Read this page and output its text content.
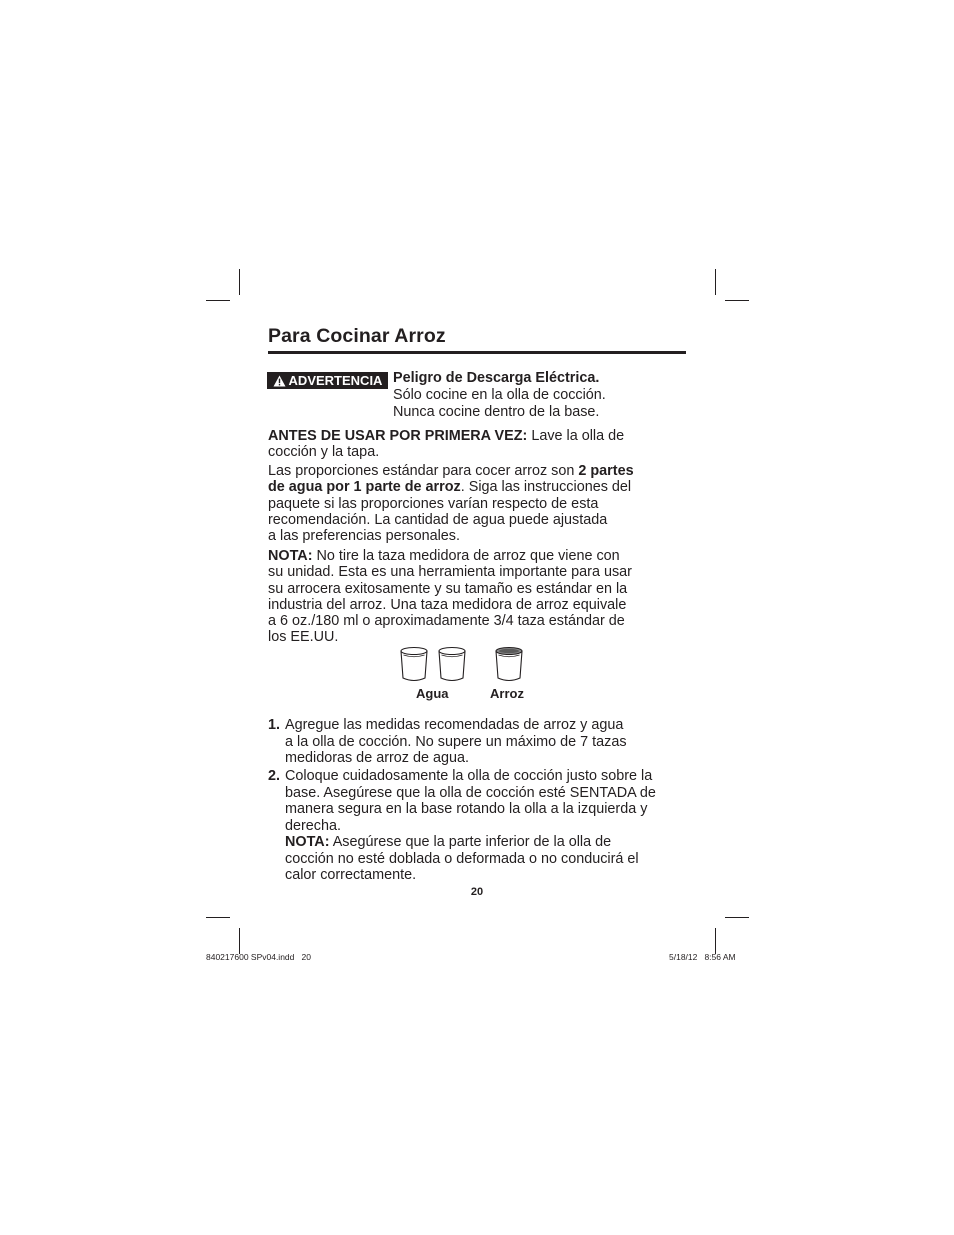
Para Cocinar Arroz
ADVERTENCIA Peligro de Descarga Eléctrica.
Sólo cocine en la olla de cocción.
Nunca cocine dentro de la base.
ANTES DE USAR POR PRIMERA VEZ: Lave la olla de
cocción y la tapa.
Las proporciones estándar para cocer arroz son 2 partes
de agua por 1 parte de arroz. Siga las instrucciones del
paquete si las proporciones varían respecto de esta
recomendación. La cantidad de agua puede ajustada
a las preferencias personales.
NOTA: No tire la taza medidora de arroz que viene con
su unidad. Esta es una herramienta importante para usar
su arrocera exitosamente y su tamaño es estándar en la
industria del arroz. Una taza medidora de arroz equivale
a 6 oz./180 ml o aproximadamente 3/4 taza estándar de
los EE.UU.
Agua	Arroz
1. Agregue las medidas recomendadas de arroz y agua
a la olla de cocción. No supere un máximo de 7 tazas
medidoras de arroz de agua.
2. Coloque cuidadosamente la olla de cocción justo sobre la
base. Asegúrese que la olla de cocción esté SENTADA de
manera segura en la base rotando la olla a la izquierda y
derecha.
NOTA: Asegúrese que la parte inferior de la olla de
cocción no esté doblada o deformada o no conducirá el
calor correctamente.
20
840217600 SPv04.indd   20	5/18/12   8:56 AM
